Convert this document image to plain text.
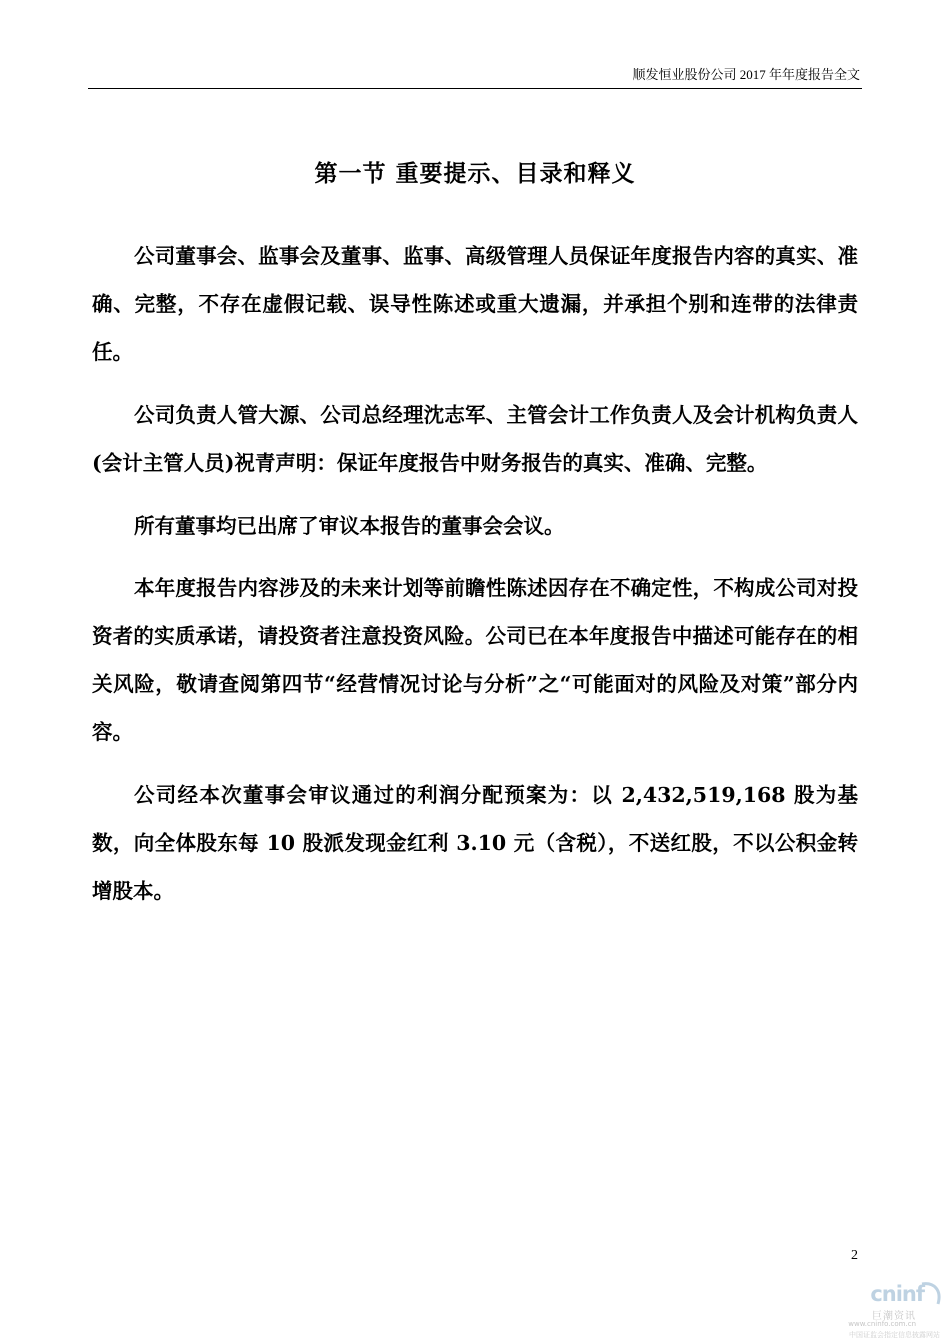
顺发恒业股份公司 2017 年年度报告全文
第一节 重要提示、目录和释义

公司董事会、监事会及董事、监事、高级管理人员保证年度报告内容的真实、准确、完整，不存在虚假记载、误导性陈述或重大遗漏，并承担个别和连带的法律责任。

公司负责人管大源、公司总经理沈志军、主管会计工作负责人及会计机构负责人(会计主管人员)祝青声明：保证年度报告中财务报告的真实、准确、完整。

所有董事均已出席了审议本报告的董事会会议。

本年度报告内容涉及的未来计划等前瞻性陈述因存在不确定性，不构成公司对投资者的实质承诺，请投资者注意投资风险。公司已在本年度报告中描述可能存在的相关风险，敬请查阅第四节“经营情况讨论与分析”之“可能面对的风险及对策”部分内容。

公司经本次董事会审议通过的利润分配预案为：以 2,432,519,168 股为基数，向全体股东每 10 股派发现金红利 3.10 元（含税），不送红股，不以公积金转增股本。

2
cninf
巨潮资讯
www.cninfo.com.cn
中国证监会指定信息披露网站
